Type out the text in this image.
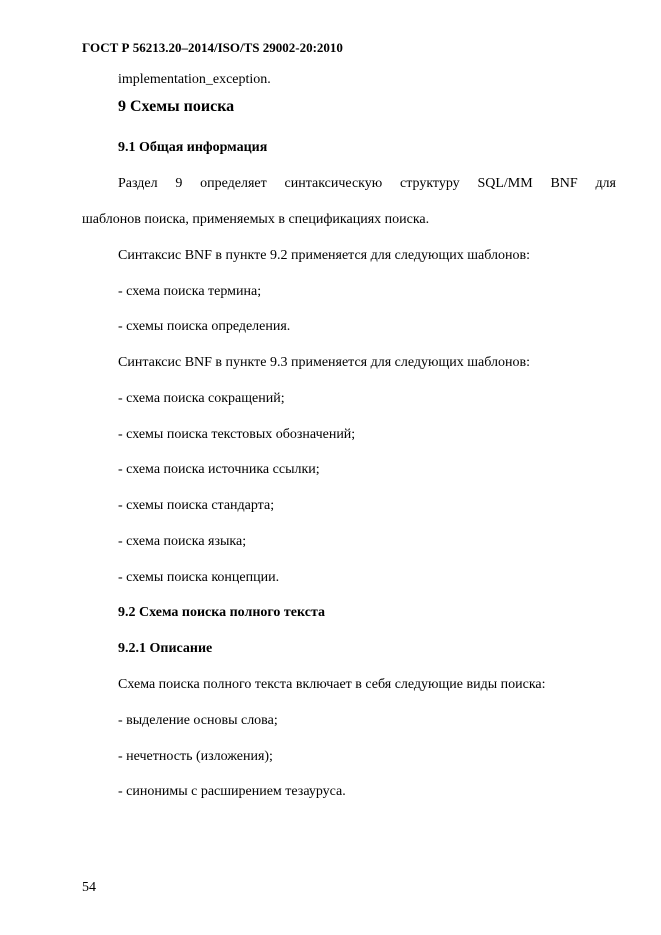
ГОСТ Р 56213.20–2014/ISO/TS 29002-20:2010
implementation_exception.
9 Схемы поиска
9.1 Общая информация
Раздел 9 определяет синтаксическую структуру SQL/MM BNF для
шаблонов поиска, применяемых в спецификациях поиска.
Синтаксис BNF в пункте 9.2 применяется для следующих шаблонов:
- схема поиска термина;
- схемы поиска определения.
Синтаксис BNF в пункте 9.3 применяется для следующих шаблонов:
- схема поиска сокращений;
- схемы поиска текстовых обозначений;
- схема поиска источника ссылки;
- схемы поиска стандарта;
- схема поиска языка;
- схемы поиска концепции.
9.2 Схема поиска полного текста
9.2.1 Описание
Схема поиска полного текста включает в себя следующие виды поиска:
- выделение основы слова;
- нечетность (изложения);
- синонимы с расширением тезауруса.
54
